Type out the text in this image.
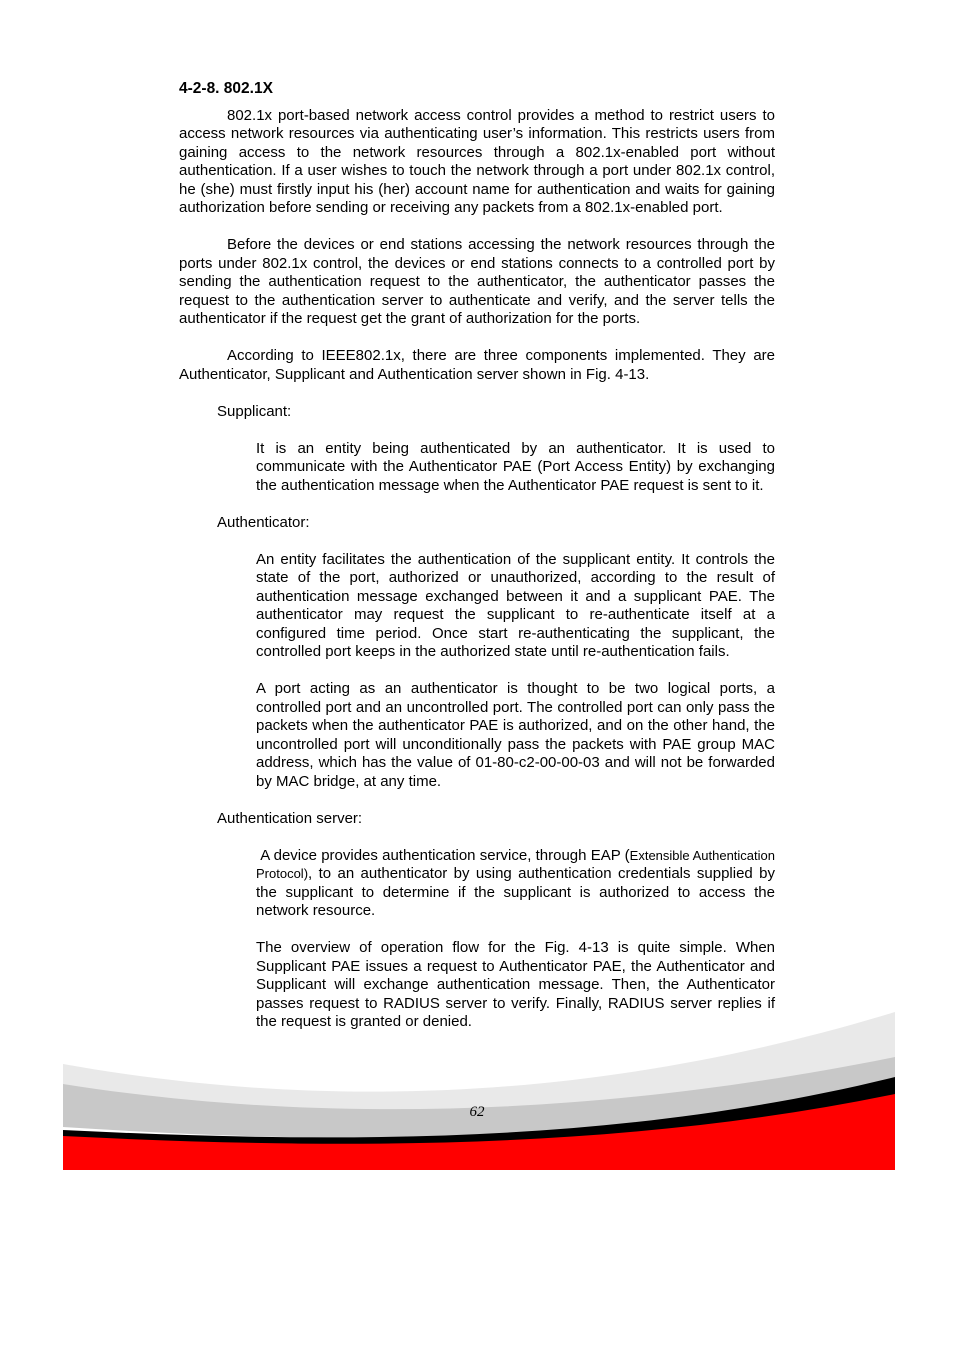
4-2-8. 802.1X

802.1x port-based network access control provides a method to restrict users to access network resources via authenticating user’s information. This restricts users from gaining access to the network resources through a 802.1x-enabled port without authentication. If a user wishes to touch the network through a port under 802.1x control, he (she) must firstly input his (her) account name for authentication and waits for gaining authorization before sending or receiving any packets from a 802.1x-enabled port.

Before the devices or end stations accessing the network resources through the ports under 802.1x control, the devices or end stations connects to a controlled port by sending the authentication request to the authenticator, the authenticator passes the request to the authentication server to authenticate and verify, and the server tells the authenticator if the request get the grant of authorization for the ports.

According to IEEE802.1x, there are three components implemented. They are Authenticator, Supplicant and Authentication server shown in Fig. 4-13.

Supplicant:

It is an entity being authenticated by an authenticator. It is used to communicate with the Authenticator PAE (Port Access Entity) by exchanging the authentication message when the Authenticator PAE request is sent to it.

Authenticator:

An entity facilitates the authentication of the supplicant entity. It controls the state of the port, authorized or unauthorized, according to the result of authentication message exchanged between it and a supplicant PAE. The authenticator may request the supplicant to re-authenticate itself at a configured time period. Once start re-authenticating the supplicant, the controlled port keeps in the authorized state until re-authentication fails.

A port acting as an authenticator is thought to be two logical ports, a controlled port and an uncontrolled port. The controlled port can only pass the packets when the authenticator PAE is authorized, and on the other hand, the uncontrolled port will unconditionally pass the packets with PAE group MAC address, which has the value of 01-80-c2-00-00-03 and will not be forwarded by MAC bridge, at any time.

Authentication server:

A device provides authentication service, through EAP (Extensible Authentication Protocol), to an authenticator by using authentication credentials supplied by the supplicant to determine if the supplicant is authorized to access the network resource.

The overview of operation flow for the Fig. 4-13 is quite simple. When Supplicant PAE issues a request to Authenticator PAE, the Authenticator and Supplicant will exchange authentication message. Then, the Authenticator passes request to RADIUS server to verify. Finally, RADIUS server replies if the request is granted or denied.

62
